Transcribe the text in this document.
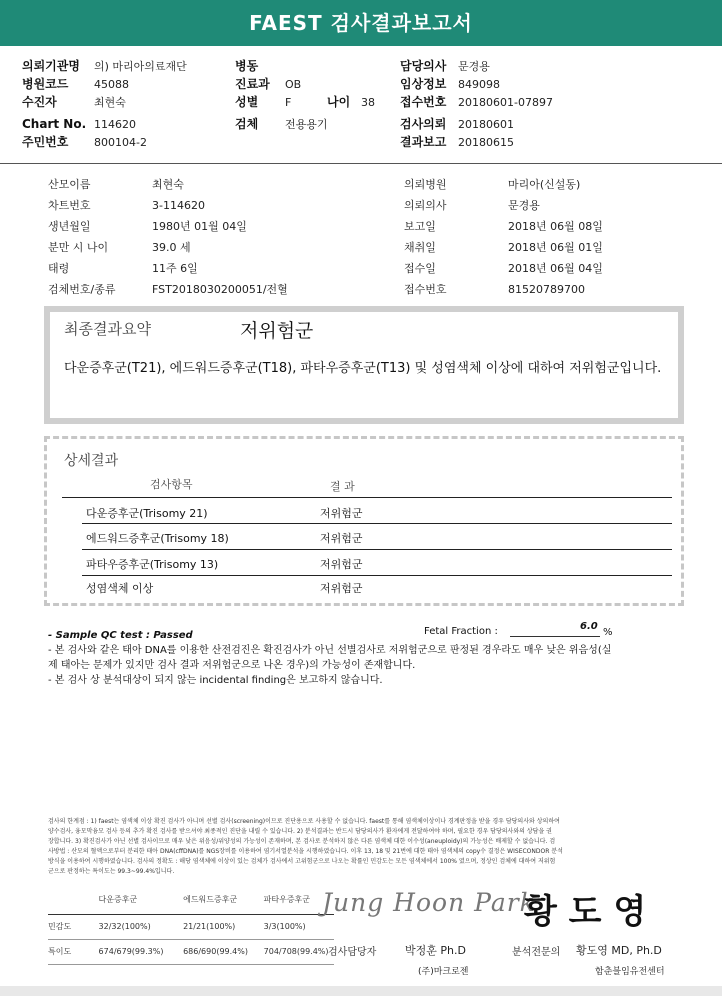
FAEST 검사결과보고서
의뢰기관명 의) 마리아의료재단
병원코드 45088
수진자	최현숙
Chart No. 114620
주민번호 800104-2
병동
진료과 OB
성별 F	나이 38
검체 전용용기
담당의사 문경용
임상정보 849098
접수번호 20180601-07897
검사의뢰 20180601
결과보고 20180615
산모이름	최현숙
차트번호	3-114620
생년월일	1980년 01월 04일
분만 시 나이	39.0 세
태령	11주 6일
검체번호/종류	FST2018030200051/전혈
의뢰병원	마리아(신설동)
의뢰의사	문경용
보고일	2018년 06월 08일
채취일	2018년 06월 01일
접수일	2018년 06월 04일
접수번호	81520789700
최종결과요약	저위험군
다운증후군(T21), 에드워드증후군(T18), 파타우증후군(T13) 및 성염색체 이상에 대하여 저위험군입니다.
상세결과
검사항목	결 과
다운증후군(Trisomy 21)	저위험군
에드워드증후군(Trisomy 18)	저위험군
파타우증후군(Trisomy 13)	저위험군
성염색체 이상	저위험군
- Sample QC test : Passed	Fetal Fraction :	6.0
%
- 본 검사와 같은 태아 DNA를 이용한 산전검진은 확진검사가 아닌 선별검사로 저위험군으로 판정된 경우라도 매우 낮은 위음성(실
제 태아는 문제가 있지만 검사 결과 저위험군으로 나온 경우)의 가능성이 존재합니다.
- 본 검사 상 분석대상이 되지 않는 incidental finding은 보고하지 않습니다.
검사의 한계점 : 1) faest는 염색체 이상 확진 검사가 아니며 선별 검사(screening)이므로 진단용으로 사용할 수 없습니다. faest를 통해 염색체이상이나 경계판정을 받을 경우 담당의사와 상의하여
양수검사, 융모막융모 검사 등의 추가 확진 검사를 받으셔야 최종적인 진단을 내릴 수 있습니다. 2) 분석결과는 반드시 담당의사가 환자에게 전달하여야 하며, 필요한 경우 담당의사와의 상담을 권
장합니다. 3) 확진검사가 아닌 선별 검사이므로 매우 낮은 위음성/위양성의 가능성이 존재하며, 본 검사로 분석하지 않은 다른 염색체 대한 이수성(aneuploidy)의 가능성은 배제할 수 없습니다. 검
사방법 : 산모의 혈액으로부터 분리한 태아 DNA(cffDNA)를 NGS장비를 이용하여 염기서열분석을 시행하였습니다. 이후 13, 18 및 21번에 대한 태아 염색체의 copy수 결정은 WISECONDOR 분석
방식을 이용하여 시행하였습니다. 검사의 정확도 : 해당 염색체에 이상이 있는 검체가 검사에서 고위험군으로 나오는 확률인 민감도는 모든 염색체에서 100% 였으며, 정상인 검체에 대하여 저위험
군으로 판정하는 특이도는 99.3~99.4%입니다.
다운증후군	에드워드증후군	파타우증후군
민감도	32/32(100%)	21/21(100%)	3/3(100%)
특이도	674/679(99.3%) 686/690(99.4%) 704/708(99.4%)
Jung Hoon Park
황 도 영
검사담당자	박정훈 Ph.D
(주)마크로젠
분석전문의 황도영 MD, Ph.D
함춘블임유전센터
